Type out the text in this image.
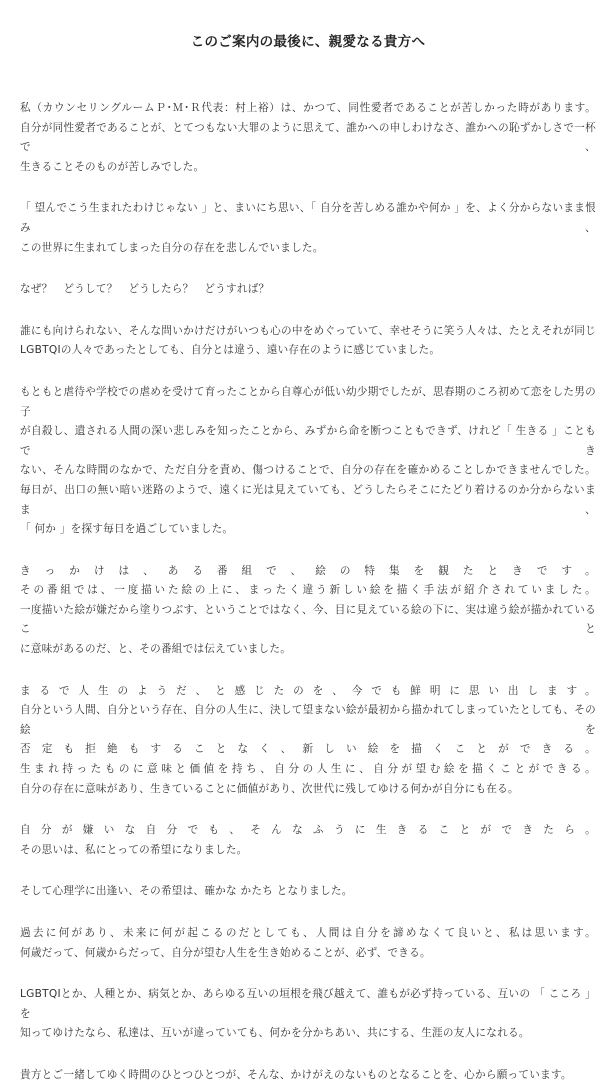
このご案内の最後に、親愛なる貴方へ
私（カウンセリングルームＰ･Ｍ･Ｒ代表：村上裕）は、かつて、同性愛者であることが苦しかった時があります。
自分が同性愛者であることが、とてつもない大罪のように思えて、誰かへの申しわけなさ、誰かへの恥ずかしさで一杯で、
生きることそのものが苦しみでした。
「 望んでこう生まれたわけじゃない 」と、まいにち思い、「 自分を苦しめる誰かや何か 」を、よく分からないまま恨み、
この世界に生まれてしまった自分の存在を悲しんでいました。
なぜ？　どうして？　どうしたら？　どうすれば？
誰にも向けられない、そんな問いかけだけがいつも心の中をめぐっていて、幸せそうに笑う人々は、たとえそれが同じ
LGBTQIの人々であったとしても、自分とは違う、遠い存在のように感じていました。
もともと虐待や学校での虐めを受けて育ったことから自尊心が低い幼少期でしたが、思春期のころ初めて恋をした男の子
が自殺し、遺される人間の深い悲しみを知ったことから、みずから命を断つこともできず、けれど「 生きる 」こともでき
ない、そんな時間のなかで、ただ自分を責め、傷つけることで、自分の存在を確かめることしかできませんでした。
毎日が、出口の無い暗い迷路のようで、遠くに光は見えていても、どうしたらそこにたどり着けるのか分からないまま、
「 何か 」を探す毎日を過ごしていました。
きっかけは、ある番組で、絵の特集を観たときです。
その番組では、一度描いた絵の上に、まったく違う新しい絵を描く手法が紹介されていました。
一度描いた絵が嫌だから塗りつぶす、ということではなく、今、目に見えている絵の下に、実は違う絵が描かれていること
に意味があるのだ、と、その番組では伝えていました。
まるで人生のようだ、と感じたのを、今でも鮮明に思い出します。
自分という人間、自分という存在、自分の人生に、決して望まない絵が最初から描かれてしまっていたとしても、その絵を
否定も拒絶もすることなく、新しい絵を描くことができる。
生まれ持ったものに意味と価値を持ち、自分の人生に、自分が望む絵を描くことができる。
自分の存在に意味があり、生きていることに価値があり、次世代に残してゆける何かが自分にも在る。
自分が嫌いな自分でも、そんなふうに生きることができたら。
その思いは、私にとっての希望になりました。
そして心理学に出逢い、その希望は、確かな かたち となりました。
過去に何があり、未来に何が起こるのだとしても、人間は自分を諦めなくて良いと、私は思います。
何歳だって、何歳からだって、自分が望む人生を生き始めることが、必ず、できる。
LGBTQIとか、人種とか、病気とか、あらゆる互いの垣根を飛び越えて、誰もが必ず持っている、互いの 「 こころ 」 を
知ってゆけたなら、私達は、互いが違っていても、何かを分かちあい、共にする、生涯の友人になれる。
貴方とご一緒してゆく時間のひとつひとつが、そんな、かけがえのないものとなることを、心から願っています。
